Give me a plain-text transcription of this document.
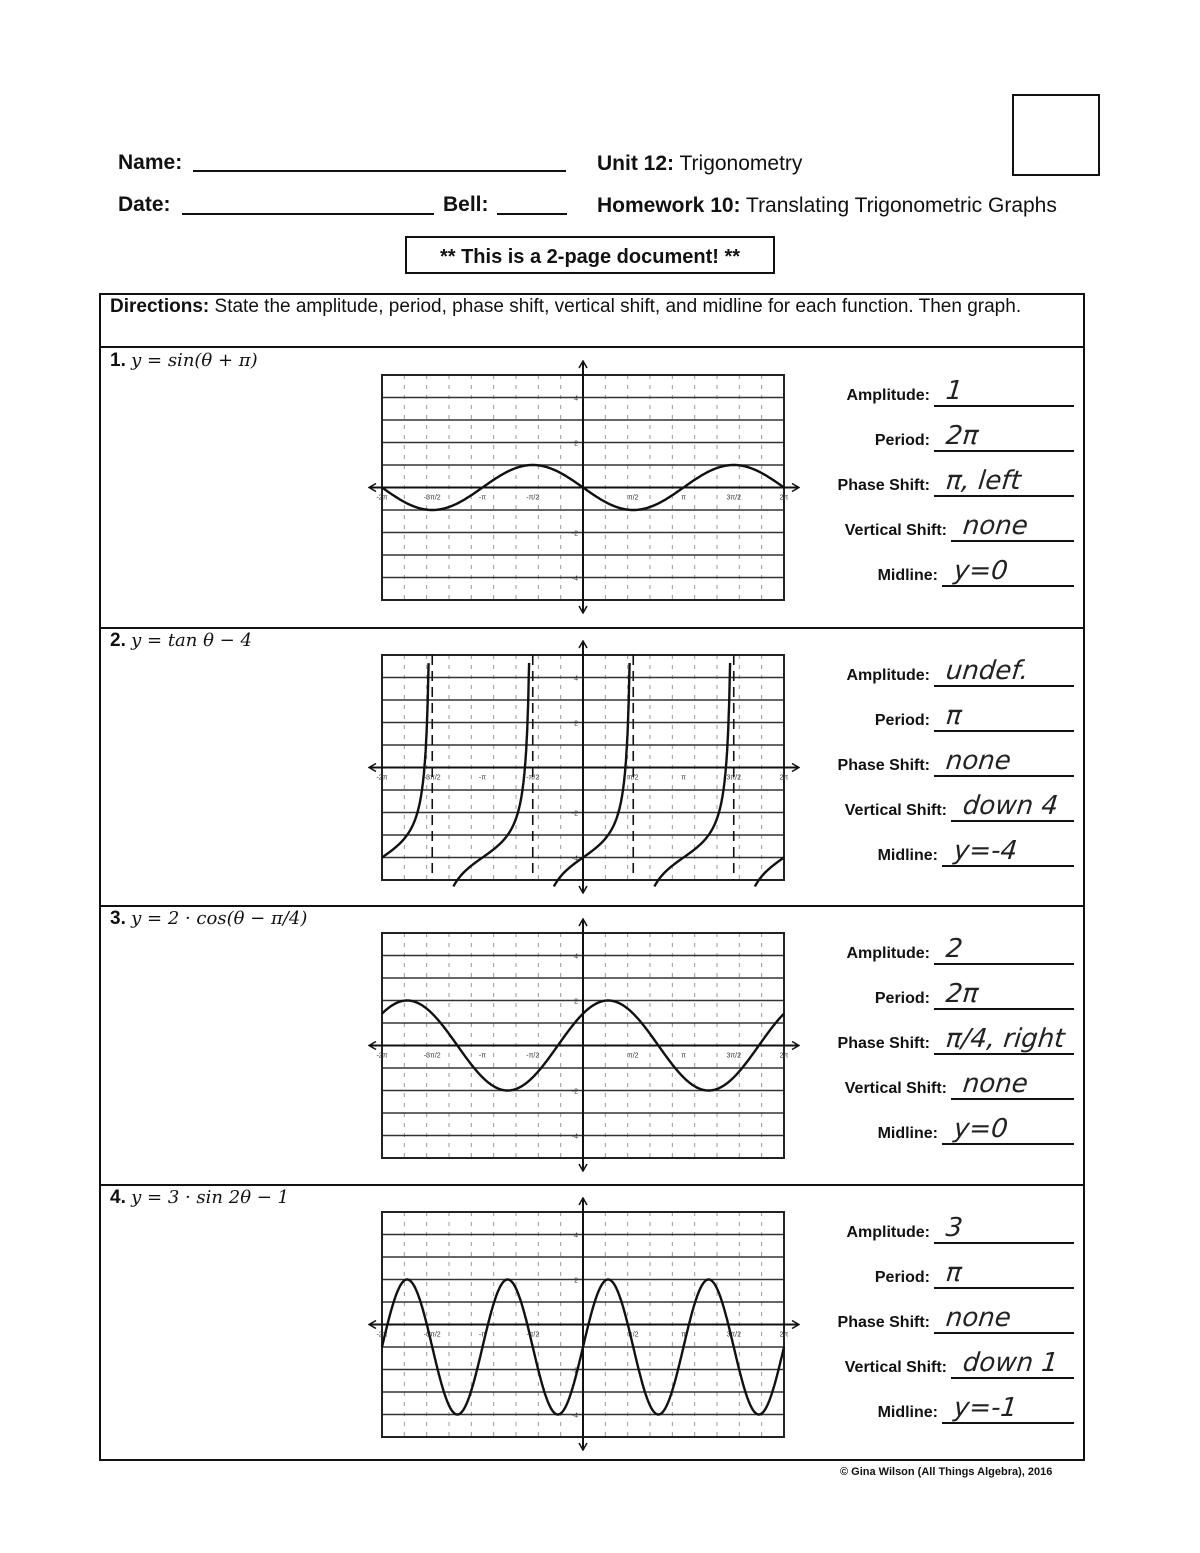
Name:
Date:	Bell:
Unit 12: Trigonometry
Homework 10: Translating Trigonometric Graphs
** This is a 2-page document! **
Directions: State the amplitude, period, phase shift, vertical shift, and midline for each function. Then graph.
© Gina Wilson (All Things Algebra), 2016
1. y = sin(θ + π)
-2π	-3π/2	-π	-π/2	π/2	π	3π/2	2π
4
2
-2
-4
Amplitude: 1
Period: 2π
Phase Shift: π, left
Vertical Shift: none
Midline: y=0
2. y = tan θ − 4
-2π	-3π/2	-π	-π/2	π/2	π	3π/2	2π
4
2
-2
-4
Amplitude: undef.
Period: π
Phase Shift: none
Vertical Shift: down 4
Midline: y=-4
3. y = 2 · cos(θ − π/4)
-2π	-3π/2	-π	-π/2	π/2	π	3π/2	2π
4
2
-2
-4
Amplitude: 2
Period: 2π
Phase Shift: π/4, right
Vertical Shift: none
Midline: y=0
4. y = 3 · sin 2θ − 1
-2π	-3π/2	-π	-π/2	π/2	π	3π/2	2π
4
2
-2
-4
Amplitude: 3
Period: π
Phase Shift: none
Vertical Shift: down 1
Midline: y=-1
